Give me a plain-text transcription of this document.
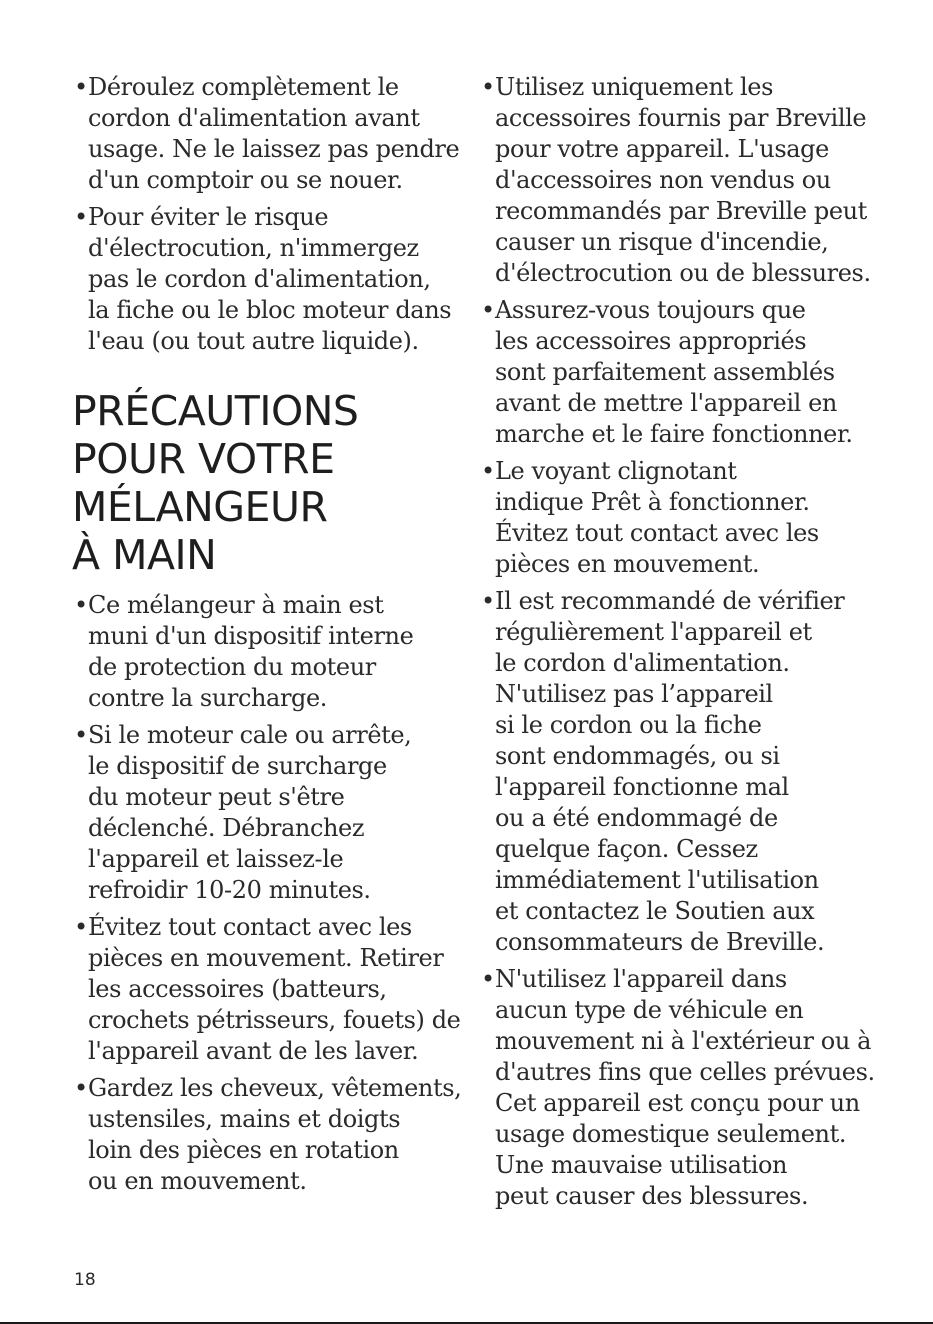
• Déroulez complètement le
cordon d'alimentation avant
usage. Ne le laissez pas pendre
d'un comptoir ou se nouer.
• Pour éviter le risque
d'électrocution, n'immergez
pas le cordon d'alimentation,
la fiche ou le bloc moteur dans
l'eau (ou tout autre liquide).
PRÉCAUTIONS
POUR VOTRE
MÉLANGEUR
À MAIN
• Ce mélangeur à main est
muni d'un dispositif interne
de protection du moteur
contre la surcharge.
• Si le moteur cale ou arrête,
le dispositif de surcharge
du moteur peut s'être
déclenché. Débranchez
l'appareil et laissez-le
refroidir 10-20 minutes.
• Évitez tout contact avec les
pièces en mouvement. Retirer
les accessoires (batteurs,
crochets pétrisseurs, fouets) de
l'appareil avant de les laver.
• Gardez les cheveux, vêtements,
ustensiles, mains et doigts
loin des pièces en rotation
ou en mouvement.
• Utilisez uniquement les
accessoires fournis par Breville
pour votre appareil. L'usage
d'accessoires non vendus ou
recommandés par Breville peut
causer un risque d'incendie,
d'électrocution ou de blessures.
• Assurez-vous toujours que
les accessoires appropriés
sont parfaitement assemblés
avant de mettre l'appareil en
marche et le faire fonctionner.
• Le voyant clignotant
indique Prêt à fonctionner.
Évitez tout contact avec les
pièces en mouvement.
• Il est recommandé de vérifier
régulièrement l'appareil et
le cordon d'alimentation.
N'utilisez pas l’appareil
si le cordon ou la fiche
sont endommagés, ou si
l'appareil fonctionne mal
ou a été endommagé de
quelque façon. Cessez
immédiatement l'utilisation
et contactez le Soutien aux
consommateurs de Breville.
• N'utilisez l'appareil dans
aucun type de véhicule en
mouvement ni à l'extérieur ou à
d'autres fins que celles prévues.
Cet appareil est conçu pour un
usage domestique seulement.
Une mauvaise utilisation
peut causer des blessures.
18
